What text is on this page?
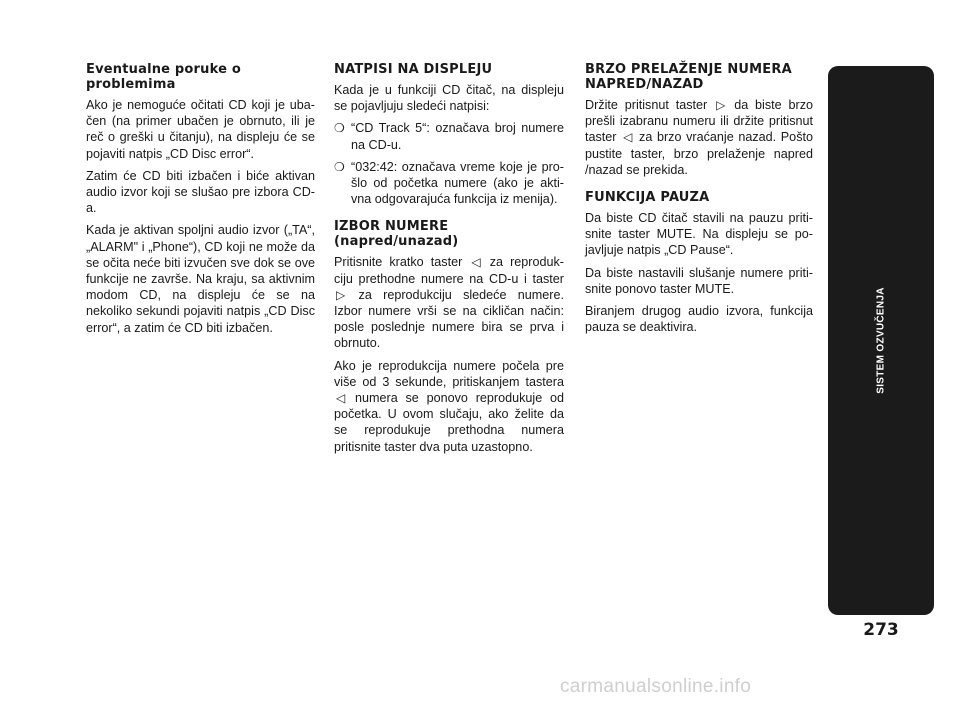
Eventualne poruke o problemima

Ako je nemoguće očitati CD koji je uba-čen (na primer ubačen je obrnuto, ili je reč o greški u čitanju), na displeju će se pojaviti natpis „CD Disc error“.

Zatim će CD biti izbačen i biće aktivan audio izvor koji se slušao pre izbora CD-a.

Kada je aktivan spoljni audio izvor („TA“, „ALARM" i „Phone“), CD koji ne može da se očita neće biti izvučen sve dok se ove funkcije ne završe. Na kraju, sa aktivnim modom CD, na displeju će se na nekoliko sekundi pojaviti natpis „CD Disc error“, a zatim će CD biti izbačen.

NATPISI NA DISPLEJU

Kada je u funkciji CD čitač, na displeju se pojavljuju sledeći natpisi:

❍ “CD Track 5“: označava broj numere na CD-u.
❍ “032:42: označava vreme koje je pro-šlo od početka numere (ako je akti-vna odgovarajuća funkcija iz menija).
IZBOR NUMERE (napred/unazad)

Pritisnite kratko taster ◁ za reproduk-ciju prethodne numere na CD-u i taster ▷ za reprodukciju sledeće numere. Izbor numere vrši se na cikličan način: posle poslednje numere bira se prva i obrnuto.

Ako je reprodukcija numere počela pre više od 3 sekunde, pritiskanjem tastera ◁ numera se ponovo reprodukuje od početka. U ovom slučaju, ako želite da se reprodukuje prethodna numera pritisnite taster dva puta uzastopno.

BRZO PRELAŽENJE NUMERA NAPRED/NAZAD

Držite pritisnut taster ▷ da biste brzo prešli izabranu numeru ili držite pritisnut taster ◁ za brzo vraćanje nazad. Pošto pustite taster, brzo prelaženje napred /nazad se prekida.

FUNKCIJA PAUZA

Da biste CD čitač stavili na pauzu priti-snite taster MUTE. Na displeju se po-javljuje natpis „CD Pause“.

Da biste nastavili slušanje numere priti-snite ponovo taster MUTE.

Biranjem drugog audio izvora, funkcija pauza se deaktivira.	SISTEM OZVUČENJA
273
carmanualsonline.info
